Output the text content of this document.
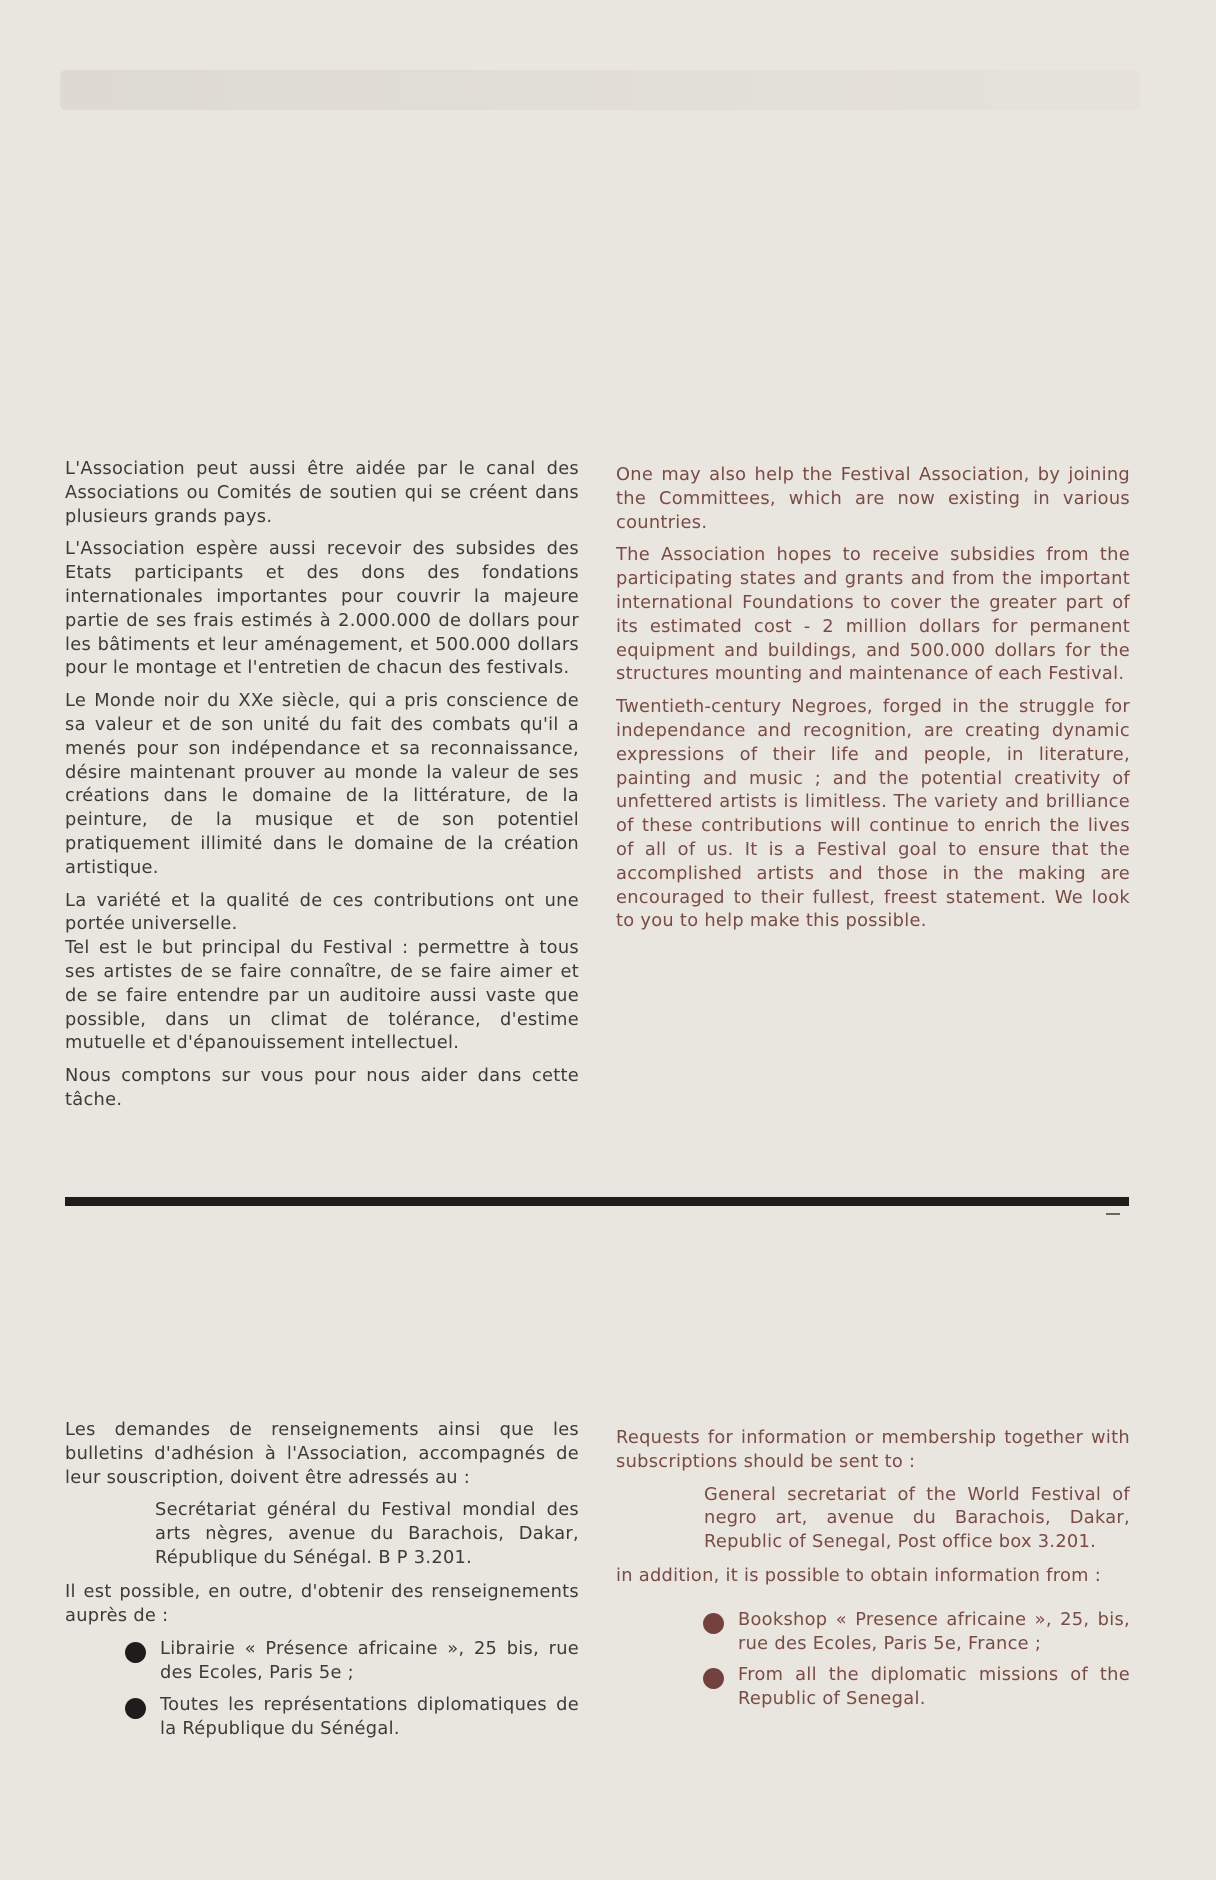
L'Association peut aussi être aidée par le canal des Associations ou Comités de soutien qui se créent dans plusieurs grands pays.

L'Association espère aussi recevoir des subsides des Etats participants et des dons des fondations internationales importantes pour couvrir la majeure partie de ses frais estimés à 2.000.000 de dollars pour les bâtiments et leur aménagement, et 500.000 dollars pour le montage et l'entretien de chacun des festivals.

Le Monde noir du XXe siècle, qui a pris conscience de sa valeur et de son unité du fait des combats qu'il a menés pour son indépendance et sa reconnaissance, désire maintenant prouver au monde la valeur de ses créations dans le domaine de la littérature, de la peinture, de la musique et de son potentiel pratiquement illimité dans le domaine de la création artistique.

La variété et la qualité de ces contributions ont une portée universelle.

Tel est le but principal du Festival : permettre à tous ses artistes de se faire connaître, de se faire aimer et de se faire entendre par un auditoire aussi vaste que possible, dans un climat de tolérance, d'estime mutuelle et d'épanouissement intellectuel.

Nous comptons sur vous pour nous aider dans cette tâche.

One may also help the Festival Association, by joining the Committees, which are now existing in various countries.

The Association hopes to receive subsidies from the participating states and grants and from the important international Foundations to cover the greater part of its estimated cost - 2 million dollars for permanent equipment and buildings, and 500.000 dollars for the structures mounting and maintenance of each Festival.

Twentieth-century Negroes, forged in the struggle for independance and recognition, are creating dynamic expressions of their life and people, in literature, painting and music ; and the potential creativity of unfettered artists is limitless. The variety and brilliance of these contributions will continue to enrich the lives of all of us. It is a Festival goal to ensure that the accomplished artists and those in the making are encouraged to their fullest, freest statement. We look to you to help make this possible.

Les demandes de renseignements ainsi que les bulletins d'adhésion à l'Association, accompagnés de leur souscription, doivent être adressés au :

Secrétariat général du Festival mondial des arts nègres, avenue du Barachois, Dakar, République du Sénégal. B P 3.201.

Il est possible, en outre, d'obtenir des renseignements auprès de :

Librairie « Présence africaine », 25 bis, rue des Ecoles, Paris 5e ;
Toutes les représentations diplomatiques de la République du Sénégal.

Requests for information or membership together with subscriptions should be sent to :

General secretariat of the World Festival of negro art, avenue du Barachois, Dakar, Republic of Senegal, Post office box 3.201.

in addition, it is possible to obtain information from :

Bookshop « Presence africaine », 25, bis, rue des Ecoles, Paris 5e, France ;
From all the diplomatic missions of the Republic of Senegal.
